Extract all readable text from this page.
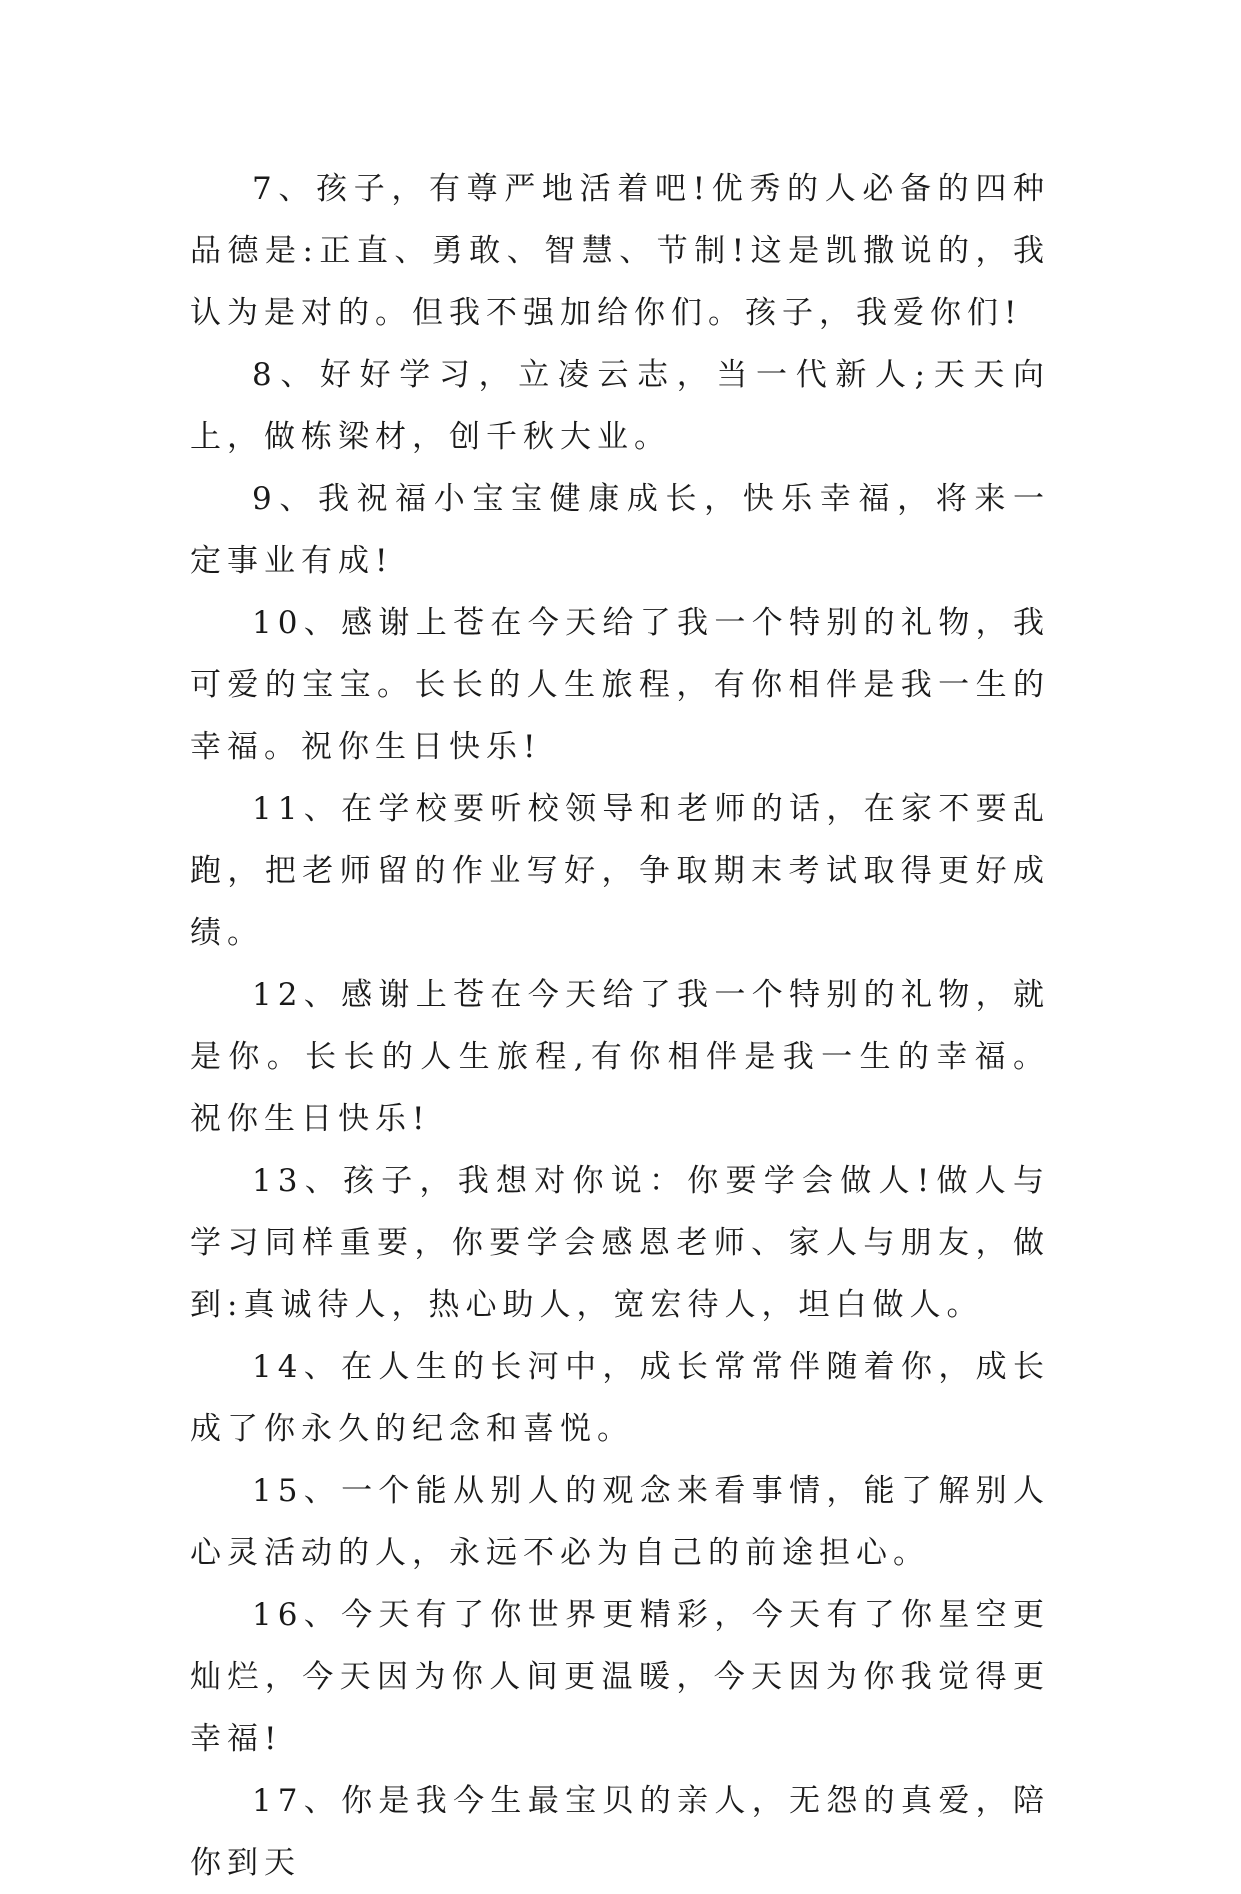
7、孩子，有尊严地活着吧!优秀的人必备的四种品德是:正直、勇敢、智慧、节制!这是凯撒说的，我认为是对的。但我不强加给你们。孩子，我爱你们!

8、好好学习，立凌云志，当一代新人;天天向上，做栋梁材，创千秋大业。

9、我祝福小宝宝健康成长，快乐幸福，将来一定事业有成!

10、感谢上苍在今天给了我一个特别的礼物，我可爱的宝宝。长长的人生旅程，有你相伴是我一生的幸福。祝你生日快乐!

11、在学校要听校领导和老师的话，在家不要乱跑，把老师留的作业写好，争取期末考试取得更好成绩。

12、感谢上苍在今天给了我一个特别的礼物，就是你。长长的人生旅程,有你相伴是我一生的幸福。祝你生日快乐!

13、孩子，我想对你说：你要学会做人!做人与学习同样重要，你要学会感恩老师、家人与朋友，做到:真诚待人，热心助人，宽宏待人，坦白做人。

14、在人生的长河中，成长常常伴随着你，成长成了你永久的纪念和喜悦。

15、一个能从别人的观念来看事情，能了解别人心灵活动的人，永远不必为自己的前途担心。

16、今天有了你世界更精彩，今天有了你星空更灿烂，今天因为你人间更温暖，今天因为你我觉得更幸福!

17、你是我今生最宝贝的亲人，无怨的真爱，陪你到天
